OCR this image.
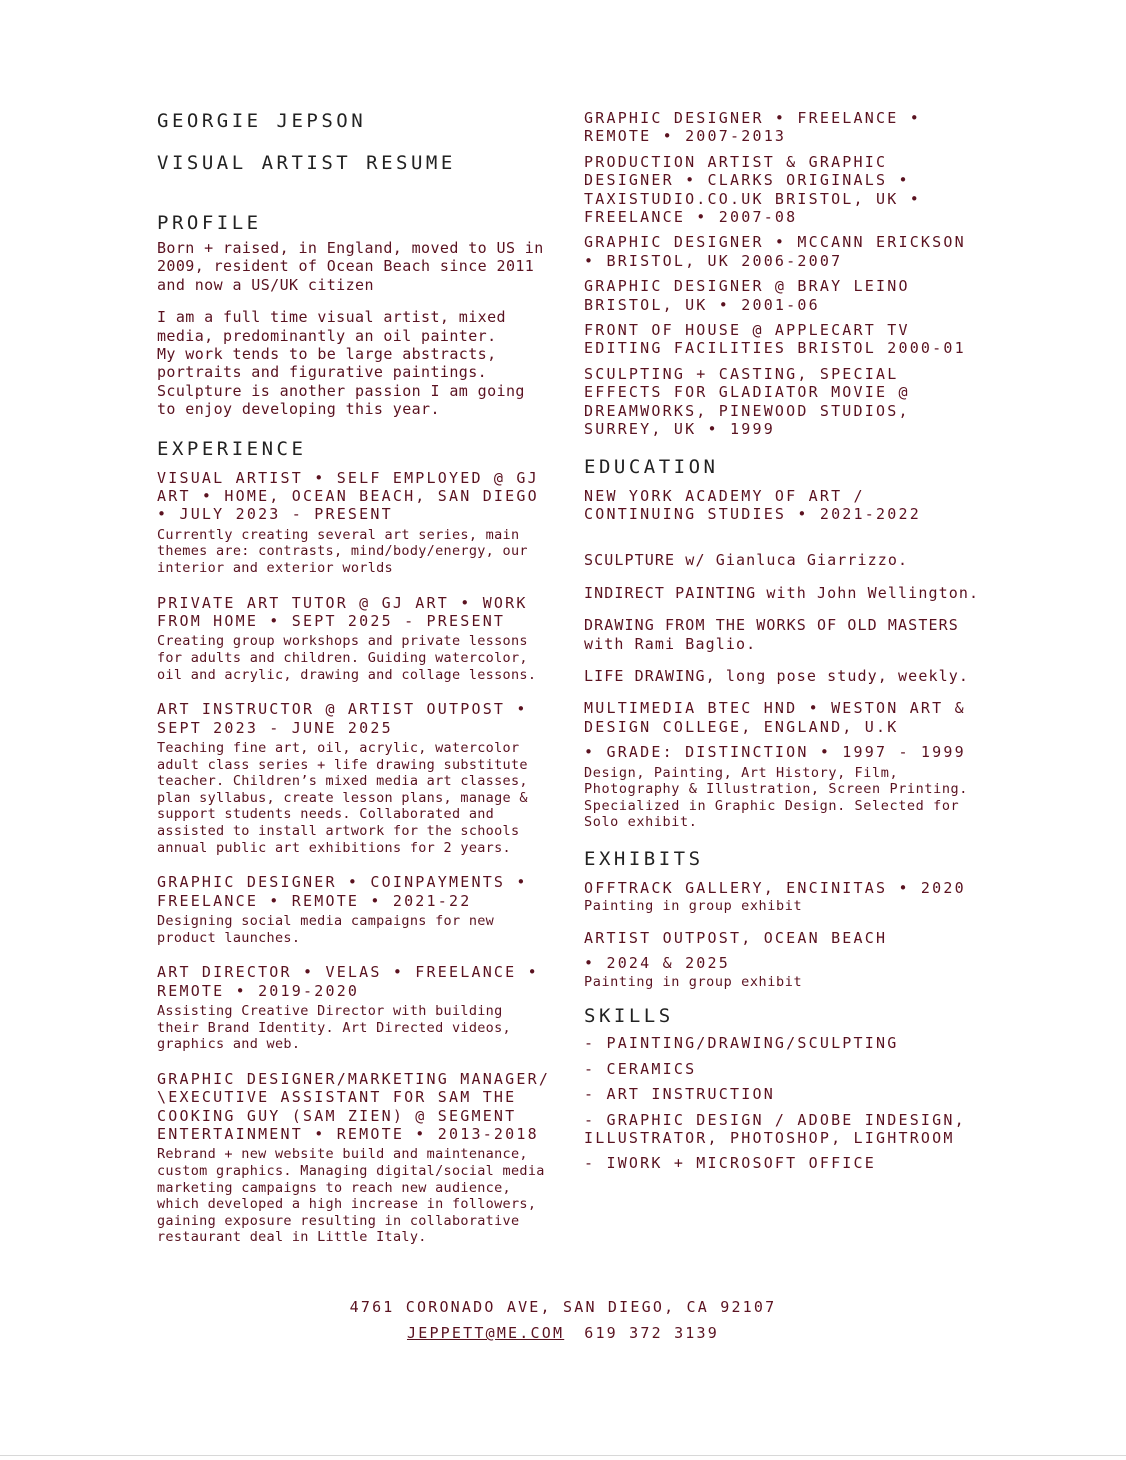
GEORGIE JEPSON
VISUAL ARTIST RESUME
PROFILE
Born + raised, in England, moved to US in
2009, resident of Ocean Beach since 2011
and now a US/UK citizen
I am a full time visual artist, mixed
media, predominantly an oil painter.
My work tends to be large abstracts,
portraits and figurative paintings.
Sculpture is another passion I am going
to enjoy developing this year.
EXPERIENCE
VISUAL ARTIST • SELF EMPLOYED @ GJ
ART • HOME, OCEAN BEACH, SAN DIEGO
• JULY 2023 - PRESENT
Currently creating several art series, main
themes are: contrasts, mind/body/energy, our
interior and exterior worlds
PRIVATE ART TUTOR @ GJ ART • WORK
FROM HOME • SEPT 2025 - PRESENT
Creating group workshops and private lessons
for adults and children. Guiding watercolor,
oil and acrylic, drawing and collage lessons.
ART INSTRUCTOR @ ARTIST OUTPOST •
SEPT 2023 - JUNE 2025
Teaching fine art, oil, acrylic, watercolor
adult class series + life drawing substitute
teacher. Children’s mixed media art classes,
plan syllabus, create lesson plans, manage &
support students needs. Collaborated and
assisted to install artwork for the schools
annual public art exhibitions for 2 years.
GRAPHIC DESIGNER • COINPAYMENTS •
FREELANCE • REMOTE • 2021-22
Designing social media campaigns for new
product launches.
ART DIRECTOR • VELAS • FREELANCE •
REMOTE • 2019-2020
Assisting Creative Director with building
their Brand Identity. Art Directed videos,
graphics and web.
GRAPHIC DESIGNER/MARKETING MANAGER/
\EXECUTIVE ASSISTANT FOR SAM THE
COOKING GUY (SAM ZIEN) @ SEGMENT
ENTERTAINMENT • REMOTE • 2013-2018
Rebrand + new website build and maintenance,
custom graphics. Managing digital/social media
marketing campaigns to reach new audience,
which developed a high increase in followers,
gaining exposure resulting in collaborative
restaurant deal in Little Italy.
GRAPHIC DESIGNER • FREELANCE •
REMOTE • 2007-2013
PRODUCTION ARTIST & GRAPHIC
DESIGNER • CLARKS ORIGINALS •
TAXISTUDIO.CO.UK BRISTOL, UK •
FREELANCE • 2007-08
GRAPHIC DESIGNER • MCCANN ERICKSON
• BRISTOL, UK 2006-2007
GRAPHIC DESIGNER @ BRAY LEINO
BRISTOL, UK • 2001-06
FRONT OF HOUSE @ APPLECART TV
EDITING FACILITIES BRISTOL 2000-01
SCULPTING + CASTING, SPECIAL
EFFECTS FOR GLADIATOR MOVIE @
DREAMWORKS, PINEWOOD STUDIOS,
SURREY, UK • 1999
EDUCATION
NEW YORK ACADEMY OF ART /
CONTINUING STUDIES • 2021-2022
SCULPTURE w/ Gianluca Giarrizzo.
INDIRECT PAINTING with John Wellington.
DRAWING FROM THE WORKS OF OLD MASTERS
with Rami Baglio.
LIFE DRAWING, long pose study, weekly.
MULTIMEDIA BTEC HND • WESTON ART &
DESIGN COLLEGE, ENGLAND, U.K
• GRADE: DISTINCTION • 1997 - 1999
Design, Painting, Art History, Film,
Photography & Illustration, Screen Printing.
Specialized in Graphic Design. Selected for
Solo exhibit.
EXHIBITS
OFFTRACK GALLERY, ENCINITAS • 2020
Painting in group exhibit
ARTIST OUTPOST, OCEAN BEACH
• 2024 & 2025
Painting in group exhibit
SKILLS
- PAINTING/DRAWING/SCULPTING
- CERAMICS
- ART INSTRUCTION
- GRAPHIC DESIGN / ADOBE INDESIGN,
ILLUSTRATOR, PHOTOSHOP, LIGHTROOM
- IWORK + MICROSOFT OFFICE
4761 CORONADO AVE, SAN DIEGO, CA 92107
JEPPETT@ME.COM 619 372 3139
